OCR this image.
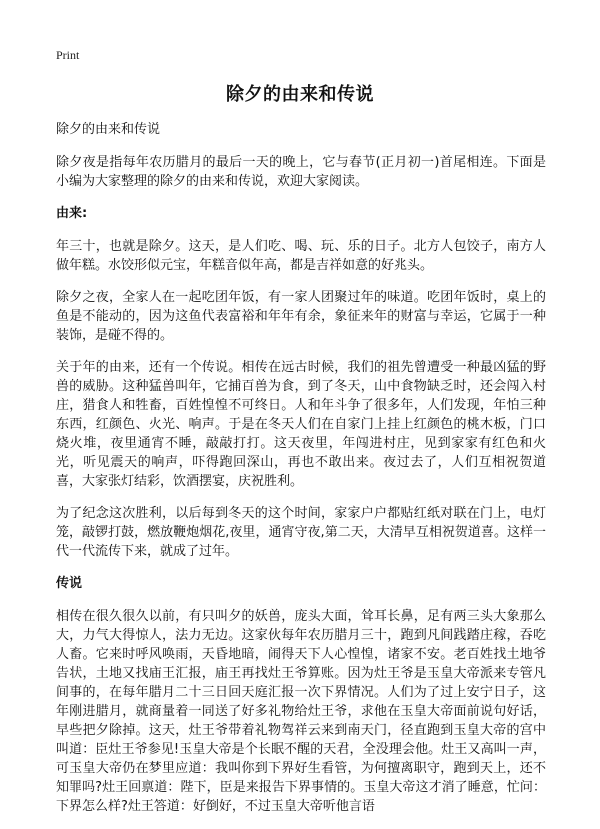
Print
除夕的由来和传说

除夕的由来和传说

除夕夜是指每年农历腊月的最后一天的晚上，它与春节(正月初一)首尾相连。下面是小编为大家整理的除夕的由来和传说，欢迎大家阅读。

由来:

年三十，也就是除夕。这天，是人们吃、喝、玩、乐的日子。北方人包饺子，南方人做年糕。水饺形似元宝，年糕音似年高，都是吉祥如意的好兆头。

除夕之夜，全家人在一起吃团年饭，有一家人团聚过年的味道。吃团年饭时，桌上的鱼是不能动的，因为这鱼代表富裕和年年有余，象征来年的财富与幸运，它属于一种装饰，是碰不得的。

关于年的由来，还有一个传说。相传在远古时候，我们的祖先曾遭受一种最凶猛的野兽的威胁。这种猛兽叫年，它捕百兽为食，到了冬天，山中食物缺乏时，还会闯入村庄，猎食人和牲畜，百姓惶惶不可终日。人和年斗争了很多年，人们发现，年怕三种东西，红颜色、火光、响声。于是在冬天人们在自家门上挂上红颜色的桃木板，门口烧火堆，夜里通宵不睡，敲敲打打。这天夜里，年闯进村庄，见到家家有红色和火光，听见震天的响声，吓得跑回深山，再也不敢出来。夜过去了，人们互相祝贺道喜，大家张灯结彩，饮酒摆宴，庆祝胜利。

为了纪念这次胜利，以后每到冬天的这个时间，家家户户都贴红纸对联在门上，电灯笼，敲锣打鼓，燃放鞭炮烟花,夜里，通宵守夜,第二天，大清早互相祝贺道喜。这样一代一代流传下来，就成了过年。

传说

相传在很久很久以前，有只叫夕的妖兽，庞头大面，耸耳长鼻，足有两三头大象那么大，力气大得惊人，法力无边。这家伙每年农历腊月三十，跑到凡间践踏庄稼，吞吃人畜。它来时呼风唤雨，天昏地暗，闹得天下人心惶惶，诸家不安。老百姓找土地爷告状，土地又找庙王汇报，庙王再找灶王爷算账。因为灶王爷是玉皇大帝派来专管凡间事的，在每年腊月二十三日回天庭汇报一次下界情况。人们为了过上安宁日子，这年刚进腊月，就商量着一同送了好多礼物给灶王爷，求他在玉皇大帝面前说句好话，早些把夕除掉。这天，灶王爷带着礼物驾祥云来到南天门，径直跑到玉皇大帝的宫中叫道：臣灶王爷参见!玉皇大帝是个长眠不醒的天君，全没理会他。灶王又高叫一声，可玉皇大帝仍在梦里应道：我叫你到下界好生看管，为何擅离职守，跑到天上，还不知罪吗?灶王回禀道：陛下，臣是来报告下界事情的。玉皇大帝这才消了睡意，忙问：下界怎么样?灶王答道：好倒好，不过玉皇大帝听他言语
